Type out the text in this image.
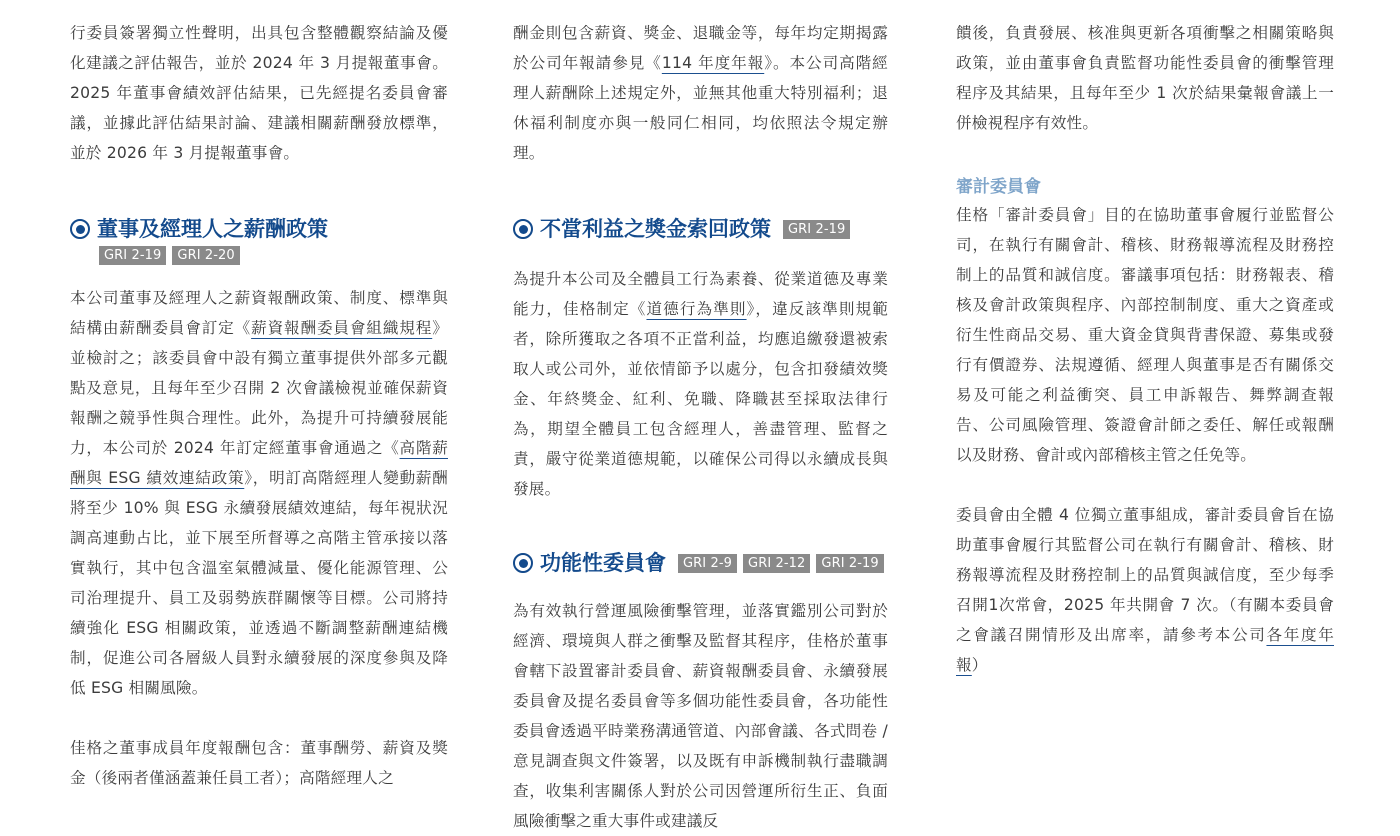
行委員簽署獨立性聲明，出具包含整體觀察結論及優化建議之評估報告，並於 2024 年 3 月提報董事會。2025 年董事會績效評估結果，已先經提名委員會審議，並據此評估結果討論、建議相關薪酬發放標準，並於 2026 年 3 月提報董事會。

董事及經理人之薪酬政策
GRI 2-19	GRI 2-20

本公司董事及經理人之薪資報酬政策、制度、標準與結構由薪酬委員會訂定《薪資報酬委員會組織規程》並檢討之；該委員會中設有獨立董事提供外部多元觀點及意見，且每年至少召開 2 次會議檢視並確保薪資報酬之競爭性與合理性。此外，為提升可持續發展能力，本公司於 2024 年訂定經董事會通過之《高階薪酬與 ESG 績效連結政策》，明訂高階經理人變動薪酬將至少 10% 與 ESG 永續發展績效連結，每年視狀況調高連動占比，並下展至所督導之高階主管承接以落實執行，其中包含溫室氣體減量、優化能源管理、公司治理提升、員工及弱勢族群關懷等目標。公司將持續強化 ESG 相關政策，並透過不斷調整薪酬連結機制，促進公司各層級人員對永續發展的深度參與及降低 ESG 相關風險。

佳格之董事成員年度報酬包含：董事酬勞、薪資及獎金（後兩者僅涵蓋兼任員工者）；高階經理人之

酬金則包含薪資、獎金、退職金等，每年均定期揭露於公司年報請參見《114 年度年報》。本公司高階經理人薪酬除上述規定外，並無其他重大特別福利；退休福利制度亦與一般同仁相同，均依照法令規定辦理。

不當利益之獎金索回政策	GRI 2-19

為提升本公司及全體員工行為素養、從業道德及專業能力，佳格制定《道德行為準則》，違反該準則規範者，除所獲取之各項不正當利益，均應追繳發還被索取人或公司外，並依情節予以處分，包含扣發績效獎金、年終獎金、紅利、免職、降職甚至採取法律行為，期望全體員工包含經理人，善盡管理、監督之責，嚴守從業道德規範，以確保公司得以永續成長與發展。

功能性委員會	GRI 2-9	GRI 2-12	GRI 2-19

為有效執行營運風險衝擊管理，並落實鑑別公司對於經濟、環境與人群之衝擊及監督其程序，佳格於董事會轄下設置審計委員會、薪資報酬委員會、永續發展委員會及提名委員會等多個功能性委員會，各功能性委員會透過平時業務溝通管道、內部會議、各式問卷 / 意見調查與文件簽署，以及既有申訴機制執行盡職調查，收集利害關係人對於公司因營運所衍生正、負面風險衝擊之重大事件或建議反

饋後，負責發展、核准與更新各項衝擊之相關策略與政策，並由董事會負責監督功能性委員會的衝擊管理程序及其結果，且每年至少 1 次於結果彙報會議上一併檢視程序有效性。

審計委員會

佳格「審計委員會」目的在協助董事會履行並監督公司，在執行有關會計、稽核、財務報導流程及財務控制上的品質和誠信度。審議事項包括：財務報表、稽核及會計政策與程序、內部控制制度、重大之資產或衍生性商品交易、重大資金貸與背書保證、募集或發行有價證券、法規遵循、經理人與董事是否有關係交易及可能之利益衝突、員工申訴報告、舞弊調查報告、公司風險管理、簽證會計師之委任、解任或報酬以及財務、會計或內部稽核主管之任免等。

委員會由全體 4 位獨立董事組成，審計委員會旨在協助董事會履行其監督公司在執行有關會計、稽核、財務報導流程及財務控制上的品質與誠信度，至少每季召開1次常會，2025 年共開會 7 次。（有關本委員會之會議召開情形及出席率，請參考本公司各年度年報）
